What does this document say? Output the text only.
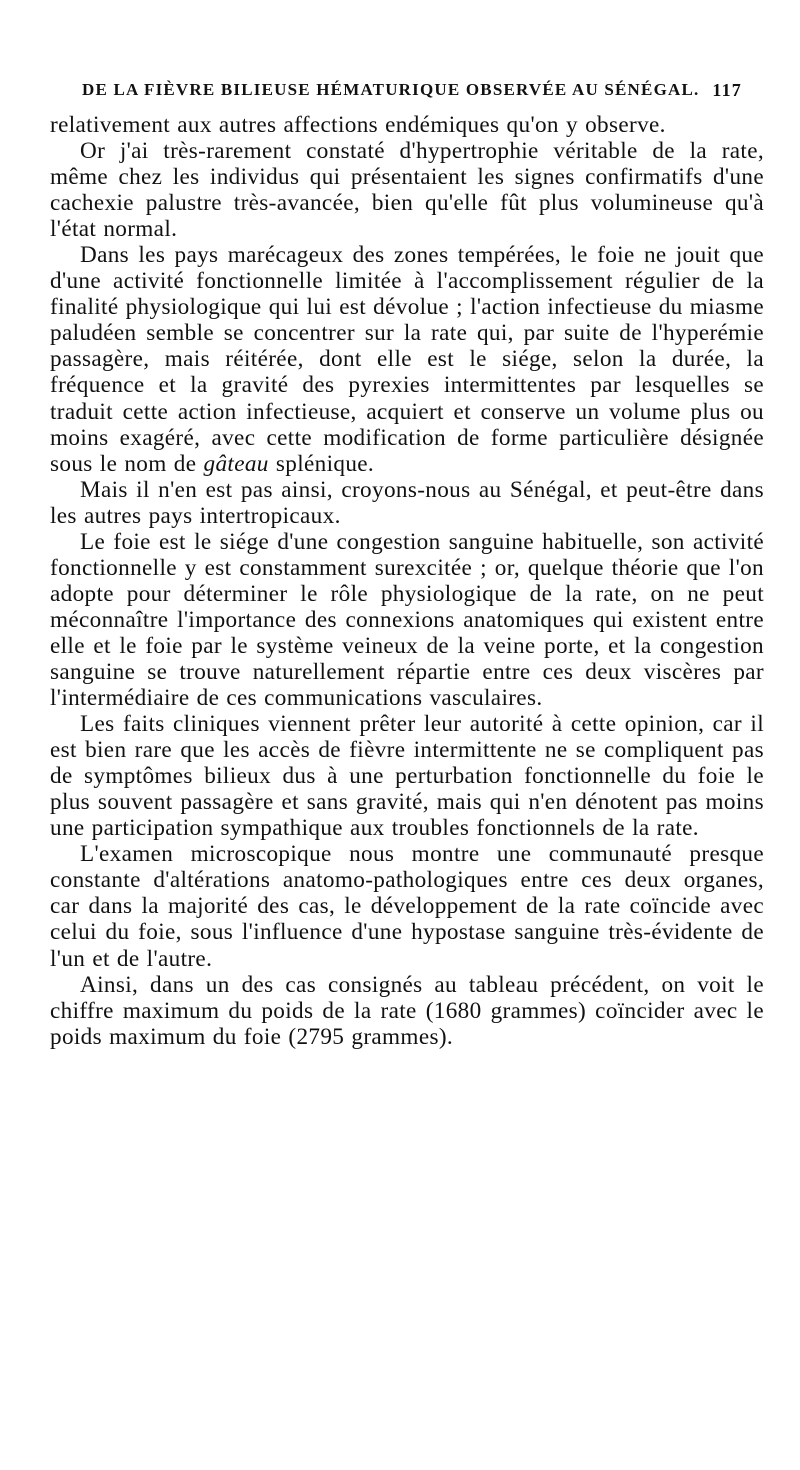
DE LA FIÈVRE BILIEUSE HÉMATURIQUE OBSERVÉE AU SÉNÉGAL. 117

relativement aux autres affections endémiques qu'on y observe.

Or j'ai très-rarement constaté d'hypertrophie véritable de la rate, même chez les individus qui présentaient les signes confirmatifs d'une cachexie palustre très-avancée, bien qu'elle fût plus volumineuse qu'à l'état normal.

Dans les pays marécageux des zones tempérées, le foie ne jouit que d'une activité fonctionnelle limitée à l'accomplissement régulier de la finalité physiologique qui lui est dévolue ; l'action infectieuse du miasme paludéen semble se concentrer sur la rate qui, par suite de l'hyperémie passagère, mais réitérée, dont elle est le siége, selon la durée, la fréquence et la gravité des pyrexies intermittentes par lesquelles se traduit cette action infectieuse, acquiert et conserve un volume plus ou moins exagéré, avec cette modification de forme particulière désignée sous le nom de gâteau splénique.

Mais il n'en est pas ainsi, croyons-nous au Sénégal, et peut-être dans les autres pays intertropicaux.

Le foie est le siége d'une congestion sanguine habituelle, son activité fonctionnelle y est constamment surexcitée ; or, quelque théorie que l'on adopte pour déterminer le rôle physiologique de la rate, on ne peut méconnaître l'importance des connexions anatomiques qui existent entre elle et le foie par le système veineux de la veine porte, et la congestion sanguine se trouve naturellement répartie entre ces deux viscères par l'intermédiaire de ces communications vasculaires.

Les faits cliniques viennent prêter leur autorité à cette opinion, car il est bien rare que les accès de fièvre intermittente ne se compliquent pas de symptômes bilieux dus à une perturbation fonctionnelle du foie le plus souvent passagère et sans gravité, mais qui n'en dénotent pas moins une participation sympathique aux troubles fonctionnels de la rate.

L'examen microscopique nous montre une communauté presque constante d'altérations anatomo-pathologiques entre ces deux organes, car dans la majorité des cas, le développement de la rate coïncide avec celui du foie, sous l'influence d'une hypostase sanguine très-évidente de l'un et de l'autre.

Ainsi, dans un des cas consignés au tableau précédent, on voit le chiffre maximum du poids de la rate (1680 grammes) coïncider avec le poids maximum du foie (2795 grammes).
